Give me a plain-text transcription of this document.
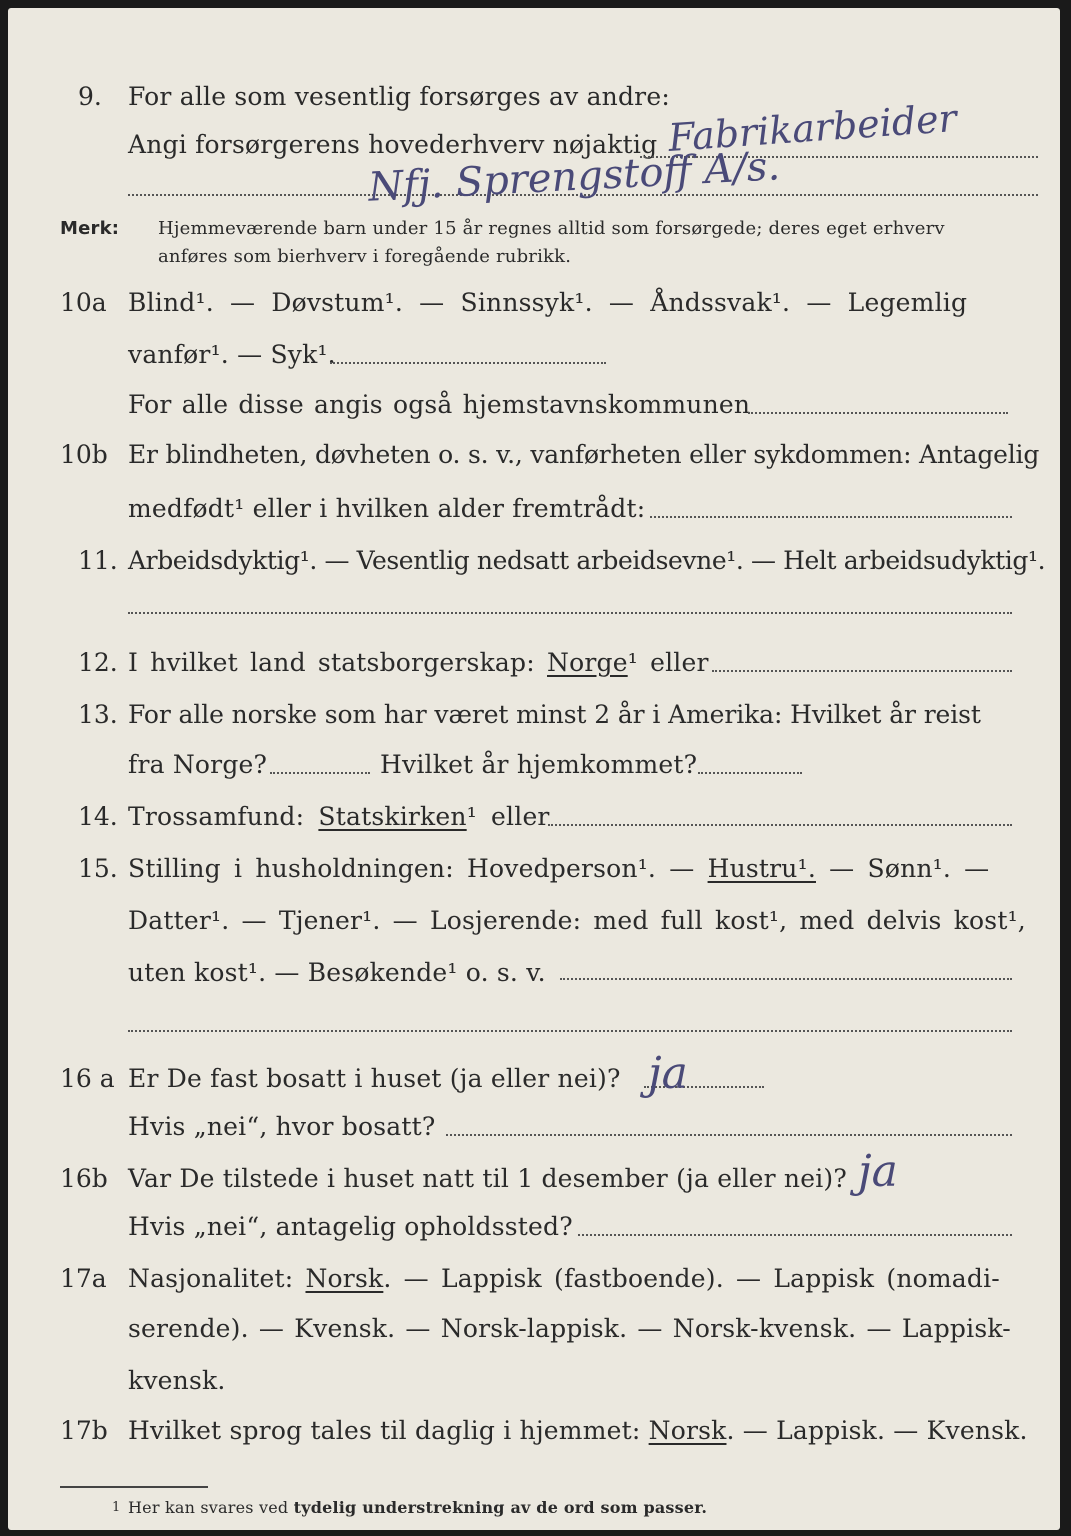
9. For alle som vesentlig forsørges av andre:
Angi forsørgerens hovederhverv nøjaktig Fabrikarbeider
Nfj. Sprengstoff A/s.
Merk: Hjemmeværende barn under 15 år regnes alltid som forsørgede; deres eget erhverv
anføres som bierhverv i foregående rubrikk.
10a Blind¹. — Døvstum¹. — Sinnssyk¹. — Åndssvak¹. — Legemlig
vanfør¹. — Syk¹.
For alle disse angis også hjemstavnskommunen
10b Er blindheten, døvheten o. s. v., vanførheten eller sykdommen: Antagelig
medfødt¹ eller i hvilken alder fremtrådt:
11. Arbeidsdyktig¹. — Vesentlig nedsatt arbeidsevne¹. — Helt arbeidsudyktig¹.
12. I hvilket land statsborgerskap: Norge¹ eller
13. For alle norske som har været minst 2 år i Amerika: Hvilket år reist
fra Norge?	Hvilket år hjemkommet?
14. Trossamfund: Statskirken¹ eller
15. Stilling i husholdningen: Hovedperson¹. — Hustru¹. — Sønn¹. —
Datter¹. — Tjener¹. — Losjerende: med full kost¹, med delvis kost¹,
uten kost¹. — Besøkende¹ o. s. v.
16 a Er De fast bosatt i huset (ja eller nei)? ja
Hvis „nei“, hvor bosatt?
16b Var De tilstede i huset natt til 1 desember (ja eller nei)? ja
Hvis „nei“, antagelig opholdssted?
17a Nasjonalitet: Norsk. — Lappisk (fastboende). — Lappisk (nomadi-
serende). — Kvensk. — Norsk-lappisk. — Norsk-kvensk. — Lappisk-
kvensk.
17b Hvilket sprog tales til daglig i hjemmet: Norsk. — Lappisk. — Kvensk.
1 Her kan svares ved tydelig understrekning av de ord som passer.
